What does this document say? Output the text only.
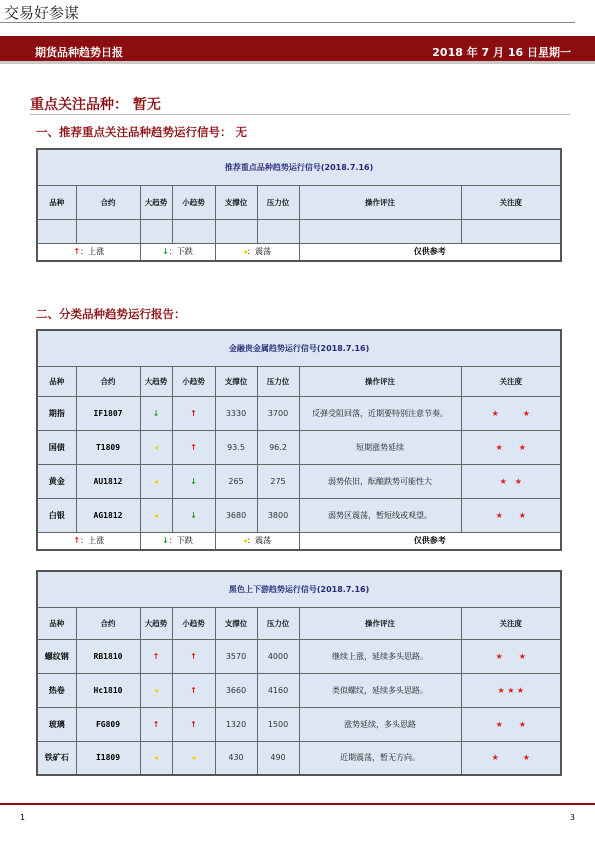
交易好参谋
期货品种趋势日报	2018 年 7 月 16 日星期一
重点关注品种： 暂无
一、推荐重点关注品种趋势运行信号： 无
推荐重点品种趋势运行信号(2018.7.16)							
品种	合约	大趋势	小趋势	支撑位	压力位	操作评注	关注度

↑：上涨		↓：下跌		◂：震荡		仅供参考	
二、分类品种趋势运行报告：
金融贵金属趋势运行信号(2018.7.16)							
品种	合约	大趋势	小趋势	支撑位	压力位	操作评注	关注度
期指	IF1807	↓	↑	3330	3700	反弹受阻回落，近期要特别注意节奏。	★　　　★
国债	T1809	◂	↑	93.5	96.2	短期涨势延续	★　　★
黄金	AU1812	◂	↓	265	275	弱势依旧，酝酿跌势可能性大	★　★
白银	AG1812	◂	↓	3680	3800	弱势区震荡，暂短线或观望。	★　　★
↑：上涨		↓：下跌		◂：震荡		仅供参考	
黑色上下游趋势运行信号(2018.7.16)							
品种	合约	大趋势	小趋势	支撑位	压力位	操作评注	关注度
螺纹钢	RB1810	↑	↑	3570	4000	继续上涨，延续多头思路。	★　　★
热卷	Hc1810	◂	↑	3660	4160	类似螺纹，延续多头思路。	★ ★ ★
玻璃	FG809	↑	↑	1320	1500	涨势延续，多头思路	★　　★
铁矿石	I1809	◂	◂	430	490	近期震荡，暂无方向。	★　　　★
1	3
